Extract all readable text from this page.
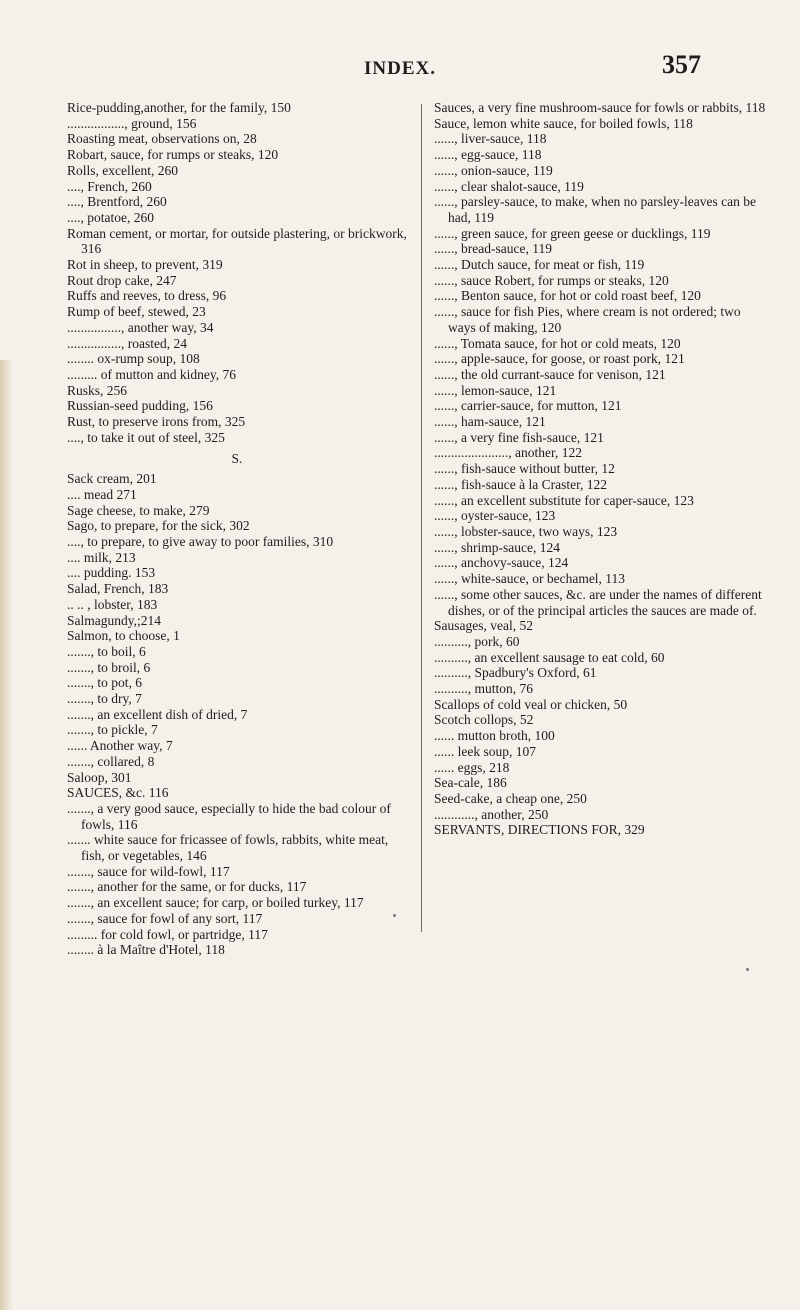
INDEX.	357
Rice-pudding,another, for the family, 150
................., ground, 156
Roasting meat, observations on, 28
Robart, sauce, for rumps or steaks, 120
Rolls, excellent, 260
...., French, 260
...., Brentford, 260
...., potatoe, 260
Roman cement, or mortar, for outside plastering, or brickwork, 316
Rot in sheep, to prevent, 319
Rout drop cake, 247
Ruffs and reeves, to dress, 96
Rump of beef, stewed, 23
................, another way, 34
................, roasted, 24
........ ox-rump soup, 108
......... of mutton and kidney, 76
Rusks, 256
Russian-seed pudding, 156
Rust, to preserve irons from, 325
...., to take it out of steel, 325
S.
Sack cream, 201
.... mead 271
Sage cheese, to make, 279
Sago, to prepare, for the sick, 302
...., to prepare, to give away to poor families, 310
.... milk, 213
.... pudding. 153
Salad, French, 183
.. .. , lobster, 183
Salmagundy,;214
Salmon, to choose, 1
......., to boil, 6
......., to broil, 6
......., to pot, 6
......., to dry, 7
......., an excellent dish of dried, 7
......., to pickle, 7
...... Another way, 7
......., collared, 8
Saloop, 301
SAUCES, &c. 116
......., a very good sauce, especially to hide the bad colour of fowls, 116
....... white sauce for fricassee of fowls, rabbits, white meat, fish, or vegetables, 146
......., sauce for wild-fowl, 117
......., another for the same, or for ducks, 117
......., an excellent sauce; for carp, or boiled turkey, 117
......., sauce for fowl of any sort, 117
......... for cold fowl, or partridge, 117
........ à la Maître d'Hotel, 118
Sauces, a very fine mushroom-sauce for fowls or rabbits, 118
Sauce, lemon white sauce, for boiled fowls, 118
......, liver-sauce, 118
......, egg-sauce, 118
......, onion-sauce, 119
......, clear shalot-sauce, 119
......, parsley-sauce, to make, when no parsley-leaves can be had, 119
......, green sauce, for green geese or ducklings, 119
......, bread-sauce, 119
......, Dutch sauce, for meat or fish, 119
......, sauce Robert, for rumps or steaks, 120
......, Benton sauce, for hot or cold roast beef, 120
......, sauce for fish Pies, where cream is not ordered; two ways of making, 120
......, Tomata sauce, for hot or cold meats, 120
......, apple-sauce, for goose, or roast pork, 121
......, the old currant-sauce for venison, 121
......, lemon-sauce, 121
......, carrier-sauce, for mutton, 121
......, ham-sauce, 121
......, a very fine fish-sauce, 121
......................, another, 122
......, fish-sauce without butter, 12
......, fish-sauce à la Craster, 122
......, an excellent substitute for caper-sauce, 123
......, oyster-sauce, 123
......, lobster-sauce, two ways, 123
......, shrimp-sauce, 124
......, anchovy-sauce, 124
......, white-sauce, or bechamel, 113
......, some other sauces, &c. are under the names of different dishes, or of the principal articles the sauces are made of.
Sausages, veal, 52
.........., pork, 60
.........., an excellent sausage to eat cold, 60
.........., Spadbury's Oxford, 61
.........., mutton, 76
Scallops of cold veal or chicken, 50
Scotch collops, 52
...... mutton broth, 100
...... leek soup, 107
...... eggs, 218
Sea-cale, 186
Seed-cake, a cheap one, 250
............, another, 250
SERVANTS, DIRECTIONS FOR, 329
